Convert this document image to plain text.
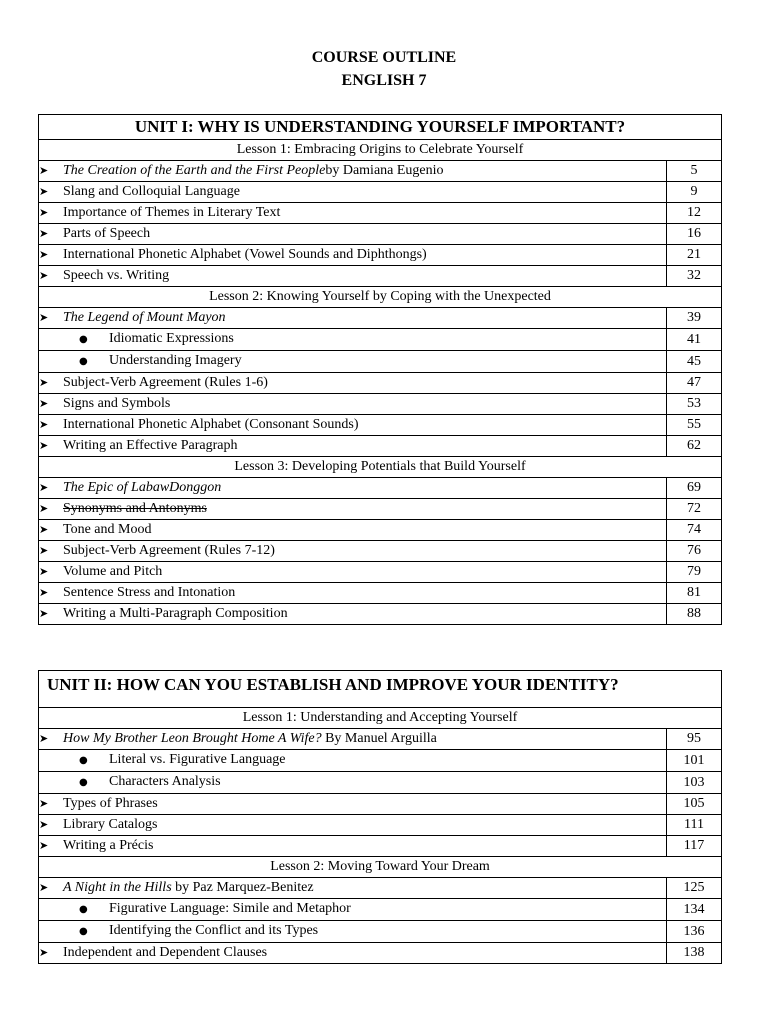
COURSE OUTLINE
ENGLISH 7
UNIT I: WHY IS UNDERSTANDING YOURSELF IMPORTANT?	
Lesson 1: Embracing Origins to Celebrate Yourself	
➤ The Creation of the Earth and the First Peopleby Damiana Eugenio	5
➤ Slang and Colloquial Language	9
➤ Importance of Themes in Literary Text	12
➤ Parts of Speech	16
➤ International Phonetic Alphabet (Vowel Sounds and Diphthongs)	21
➤ Speech vs. Writing	32
Lesson 2: Knowing Yourself by Coping with the Unexpected	
➤ The Legend of Mount Mayon	39
● Idiomatic Expressions	41
● Understanding Imagery	45
➤ Subject-Verb Agreement (Rules 1-6)	47
➤ Signs and Symbols	53
➤ International Phonetic Alphabet (Consonant Sounds)	55
➤ Writing an Effective Paragraph	62
Lesson 3: Developing Potentials that Build Yourself	
➤ The Epic of LabawDonggon	69
➤ Synonyms and Antonyms	72
➤ Tone and Mood	74
➤ Subject-Verb Agreement (Rules 7-12)	76
➤ Volume and Pitch	79
➤ Sentence Stress and Intonation	81
➤ Writing a Multi-Paragraph Composition	88
UNIT II: HOW CAN YOU ESTABLISH AND IMPROVE YOUR IDENTITY?	
Lesson 1: Understanding and Accepting Yourself	
➤ How My Brother Leon Brought Home A Wife? By Manuel Arguilla	95
● Literal vs. Figurative Language	101
● Characters Analysis	103
➤ Types of Phrases	105
➤ Library Catalogs	111
➤ Writing a Précis	117
Lesson 2: Moving Toward Your Dream	
➤ A Night in the Hills by Paz Marquez-Benitez	125
● Figurative Language: Simile and Metaphor	134
● Identifying the Conflict and its Types	136
➤ Independent and Dependent Clauses	138
